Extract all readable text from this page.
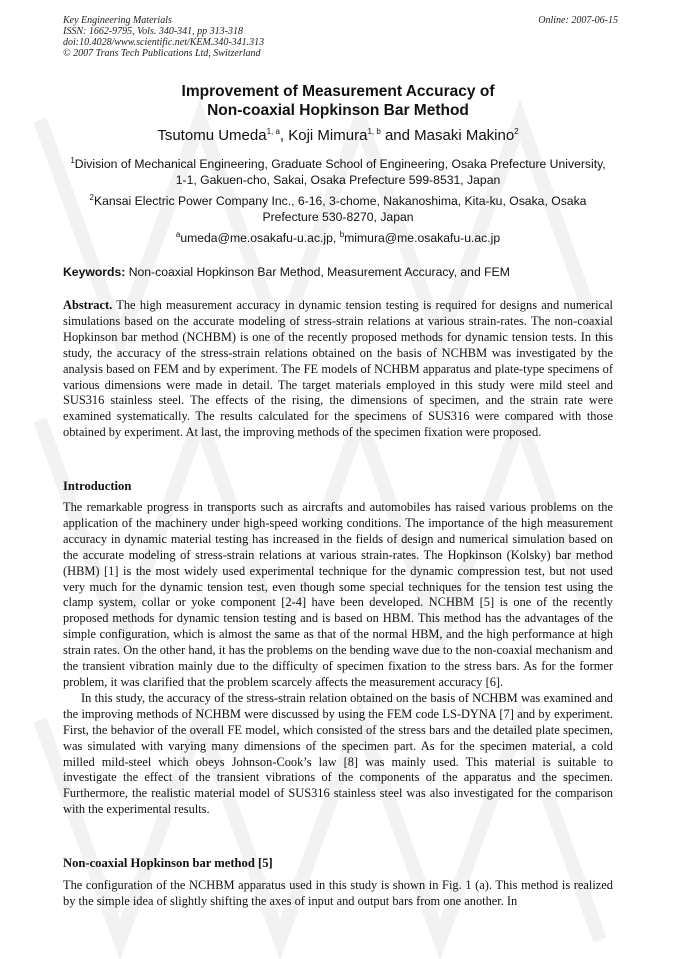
Key Engineering Materials
ISSN: 1662-9795, Vols. 340-341, pp 313-318
doi:10.4028/www.scientific.net/KEM.340-341.313
© 2007 Trans Tech Publications Ltd, Switzerland
Online: 2007-06-15
Improvement of Measurement Accuracy of
Non-coaxial Hopkinson Bar Method
Tsutomu Umeda$^{1, a}$, Koji Mimura$^{1, b}$ and Masaki Makino$^2$
$^1$Division of Mechanical Engineering, Graduate School of Engineering, Osaka Prefecture University,
1-1, Gakuen-cho, Sakai, Osaka Prefecture 599-8531, Japan
$^2$Kansai Electric Power Company Inc., 6-16, 3-chome, Nakanoshima, Kita-ku, Osaka, Osaka
Prefecture 530-8270, Japan
$^a$umeda@me.osakafu-u.ac.jp, $^b$mimura@me.osakafu-u.ac.jp
Keywords: Non-coaxial Hopkinson Bar Method, Measurement Accuracy, and FEM

Abstract. The high measurement accuracy in dynamic tension testing is required for designs and numerical simulations based on the accurate modeling of stress-strain relations at various strain-rates. The non-coaxial Hopkinson bar method (NCHBM) is one of the recently proposed methods for dynamic tension tests. In this study, the accuracy of the stress-strain relations obtained on the basis of NCHBM was investigated by the analysis based on FEM and by experiment. The FE models of NCHBM apparatus and plate-type specimens of various dimensions were made in detail. The target materials employed in this study were mild steel and SUS316 stainless steel. The effects of the rising, the dimensions of specimen, and the strain rate were examined systematically. The results calculated for the specimens of SUS316 were compared with those obtained by experiment. At last, the improving methods of the specimen fixation were proposed.

Introduction

The remarkable progress in transports such as aircrafts and automobiles has raised various problems on the application of the machinery under high-speed working conditions. The importance of the high measurement accuracy in dynamic material testing has increased in the fields of design and numerical simulation based on the accurate modeling of stress-strain relations at various strain-rates. The Hopkinson (Kolsky) bar method (HBM) [1] is the most widely used experimental technique for the dynamic compression test, but not used very much for the dynamic tension test, even though some special techniques for the tension test using the clamp system, collar or yoke component [2-4] have been developed. NCHBM [5] is one of the recently proposed methods for dynamic tension testing and is based on HBM. This method has the advantages of the simple configuration, which is almost the same as that of the normal HBM, and the high performance at high strain rates. On the other hand, it has the problems on the bending wave due to the non-coaxial mechanism and the transient vibration mainly due to the difficulty of specimen fixation to the stress bars. As for the former problem, it was clarified that the problem scarcely affects the measurement accuracy [6].

In this study, the accuracy of the stress-strain relation obtained on the basis of NCHBM was examined and the improving methods of NCHBM were discussed by using the FEM code LS-DYNA [7] and by experiment. First, the behavior of the overall FE model, which consisted of the stress bars and the detailed plate specimen, was simulated with varying many dimensions of the specimen part. As for the specimen material, a cold milled mild-steel which obeys Johnson-Cook’s law [8] was mainly used. This material is suitable to investigate the effect of the transient vibrations of the components of the apparatus and the specimen. Furthermore, the realistic material model of SUS316 stainless steel was also investigated for the comparison with the experimental results.

Non-coaxial Hopkinson bar method [5]

The configuration of the NCHBM apparatus used in this study is shown in Fig. 1 (a). This method is realized by the simple idea of slightly shifting the axes of input and output bars from one another. In
